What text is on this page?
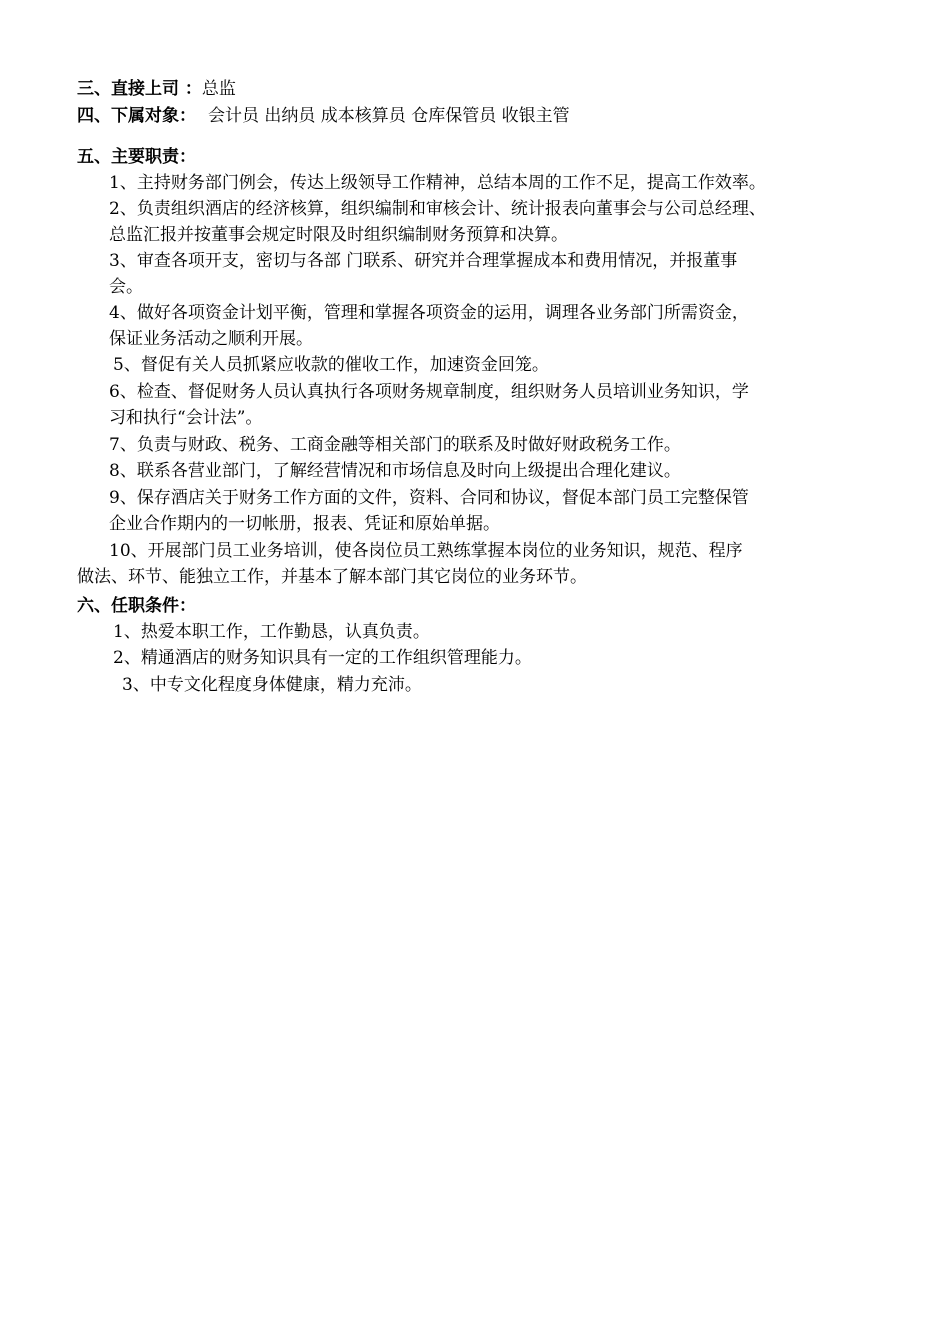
三、直接上司 ：总监
四、下属对象： 会计员 出纳员 成本核算员 仓库保管员 收银主管
五、主要职责：
1、主持财务部门例会，传达上级领导工作精神，总结本周的工作不足，提高工作效率。
2、负责组织酒店的经济核算，组织编制和审核会计、统计报表向董事会与公司总经理、
总监汇报并按董事会规定时限及时组织编制财务预算和决算。
3、审查各项开支，密切与各部 门联系、研究并合理掌握成本和费用情况，并报董事
会。
4、做好各项资金计划平衡，管理和掌握各项资金的运用，调理各业务部门所需资金，
保证业务活动之顺利开展。
5、督促有关人员抓紧应收款的催收工作，加速资金回笼。
6、检查、督促财务人员认真执行各项财务规章制度，组织财务人员培训业务知识，学
习和执行“会计法”。
7、负责与财政、税务、工商金融等相关部门的联系及时做好财政税务工作。
8、联系各营业部门，了解经营情况和市场信息及时向上级提出合理化建议。
9、保存酒店关于财务工作方面的文件，资料、合同和协议，督促本部门员工完整保管
企业合作期内的一切帐册，报表、凭证和原始单据。
10、开展部门员工业务培训，使各岗位员工熟练掌握本岗位的业务知识，规范、程序
做法、环节、能独立工作，并基本了解本部门其它岗位的业务环节。
六、任职条件：
1、热爱本职工作，工作勤恳，认真负责。
2、精通酒店的财务知识具有一定的工作组织管理能力。
3、中专文化程度身体健康，精力充沛。
